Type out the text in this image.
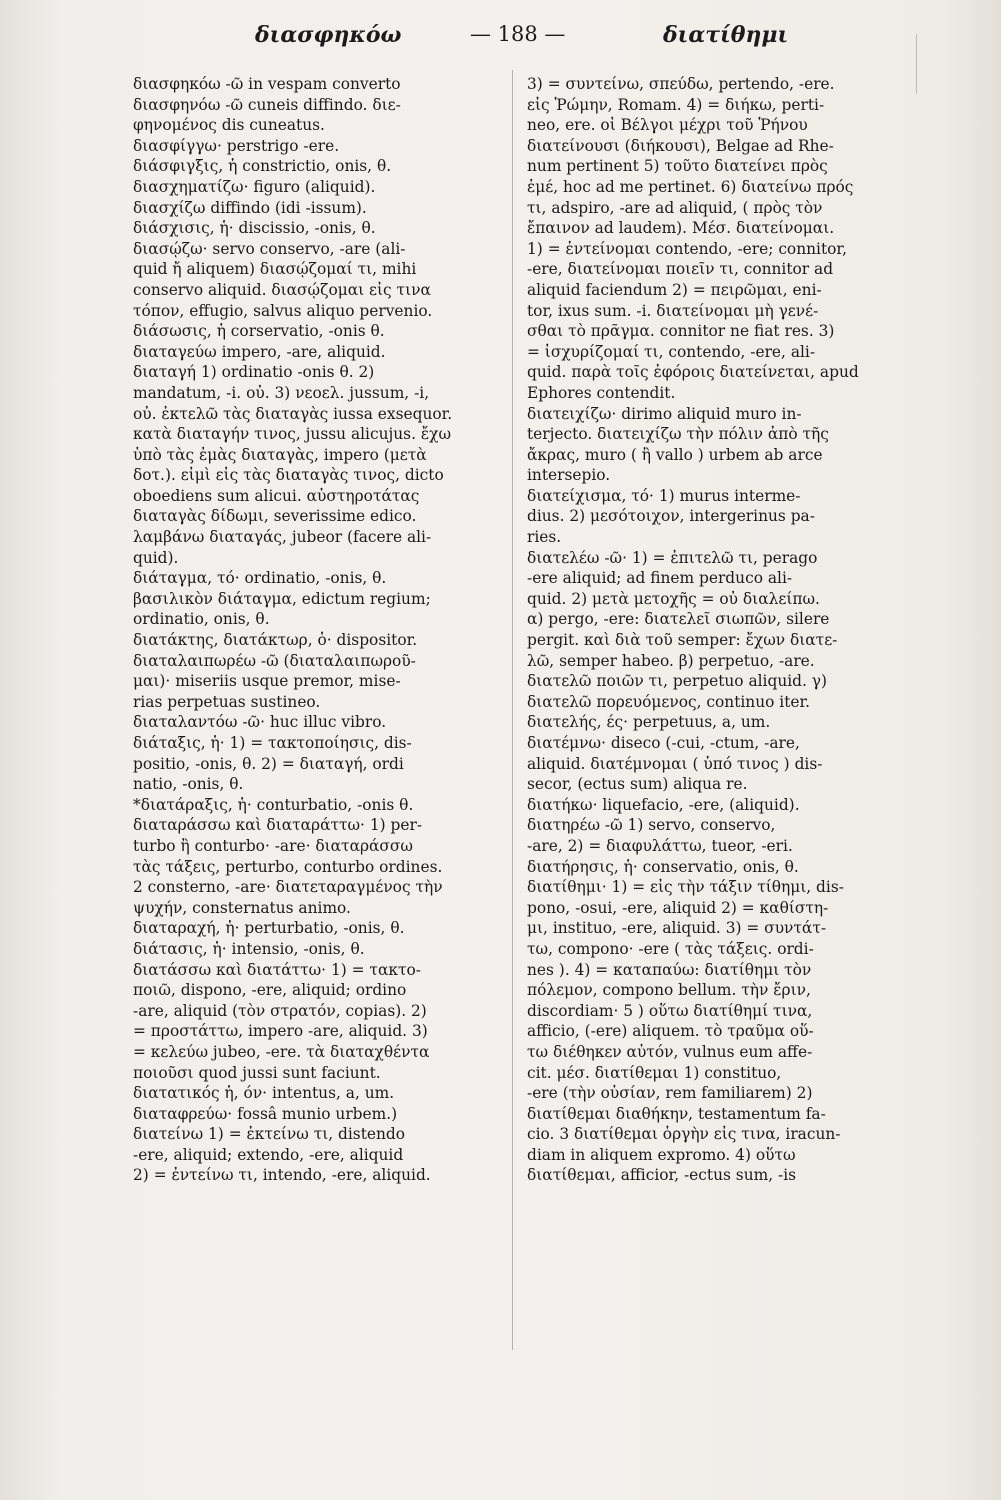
διασφηκόω	— 188 —	διατίθημι
διασφηκόω -ῶ in vespam converto
διασφηνόω -ῶ cuneis diffindo. διε-
φηνομένος dis cuneatus.
διασφίγγω· perstrigo -ere.
διάσφιγξις, ἡ constrictio, onis, θ.
διασχηματίζω· figuro (aliquid).
διασχίζω diffindo (idi -issum).
διάσχισις, ἡ· discissio, -onis, θ.
διασῴζω· servo conservo, -are (ali-
quid ἤ aliquem) διασῴζομαί τι, mihi
conservo aliquid. διασῴζομαι εἰς τινα
τόπον, effugio, salvus aliquo pervenio.
διάσωσις, ἡ corservatio, -onis θ.
διαταγεύω impero, -are, aliquid.
διαταγή 1) ordinatio -onis θ. 2)
mandatum, -i. οὐ. 3) νεοελ. jussum, -i,
οὐ. ἐκτελῶ τὰς διαταγὰς iussa exsequor.
κατὰ διαταγήν τινος, jussu alicujus. ἔχω
ὑπὸ τὰς ἐμὰς διαταγὰς, impero (μετὰ
δοτ.). εἰμὶ εἰς τὰς διαταγὰς τινος, dicto
oboediens sum alicui. αὐστηροτάτας
διαταγὰς δίδωμι, severissime edico.
λαμβάνω διαταγάς, jubeor (facere ali-
quid).
διάταγμα, τό· ordinatio, -onis, θ.
βασιλικὸν διάταγμα, edictum regium;
ordinatio, onis, θ.
διατάκτης, διατάκτωρ, ὁ· dispositor.
διαταλαιπωρέω -ῶ (διαταλαιπωροῦ-
μαι)· miseriis usque premor, mise-
rias perpetuas sustineo.
διαταλαντόω -ῶ· huc illuc vibro.
διάταξις, ἡ· 1) = τακτοποίησις, dis-
positio, -onis, θ. 2) = διαταγή, ordi
natio, -onis, θ.
*διατάραξις, ἡ· conturbatio, -onis θ.
διαταράσσω καὶ διαταράττω· 1) per-
turbo ἢ conturbo· -are· διαταράσσω
τὰς τάξεις, perturbo, conturbo ordines.
2 consterno, -are· διατεταραγμένος τὴν
ψυχήν, consternatus animo.
διαταραχή, ἡ· perturbatio, -onis, θ.
διάτασις, ἡ· intensio, -onis, θ.
διατάσσω καὶ διατάττω· 1) = τακτο-
ποιῶ, dispono, -ere, aliquid; ordino
-are, aliquid (τὸν στρατόν, copias). 2)
= προστάττω, impero -are, aliquid. 3)
= κελεύω jubeo, -ere. τὰ διαταχθέντα
ποιοῦσι quod jussi sunt faciunt.
διατατικός ἡ, όν· intentus, a, um.
διαταφρεύω· fossâ munio urbem.)
διατείνω 1) = ἐκτείνω τι, distendo
-ere, aliquid; extendo, -ere, aliquid
2) = ἐντείνω τι, intendo, -ere, aliquid.
3) = συντείνω, σπεύδω, pertendo, -ere.
εἰς Ῥώμην, Romam. 4) = διήκω, perti-
neo, ere. οἱ Βέλγοι μέχρι τοῦ Ῥήνου
διατείνουσι (διήκουσι), Belgae ad Rhe-
num pertinent 5) τοῦτο διατείνει πρὸς
ἐμέ, hoc ad me pertinet. 6) διατείνω πρός
τι, adspiro, -are ad aliquid, ( πρὸς τὸν
ἔπαινον ad laudem). Μέσ. διατείνομαι.
1) = ἐντείνομαι contendo, -ere; connitor,
-ere, διατείνομαι ποιεῖν τι, connitor ad
aliquid faciendum 2) = πειρῶμαι, eni-
tor, ixus sum. -i. διατείνομαι μὴ γενέ-
σθαι τὸ πρᾶγμα. connitor ne fiat res. 3)
= ἰσχυρίζομαί τι, contendo, -ere, ali-
quid. παρὰ τοῖς ἐφόροις διατείνεται, apud
Ephores contendit.
διατειχίζω· dirimo aliquid muro in-
terjecto. διατειχίζω τὴν πόλιν ἀπὸ τῆς
ἄκρας, muro ( ἢ vallo ) urbem ab arce
intersepio.
διατείχισμα, τό· 1) murus interme-
dius. 2) μεσότοιχον, intergerinus pa-
ries.
διατελέω -ῶ· 1) = ἐπιτελῶ τι, perago
-ere aliquid; ad finem perduco ali-
quid. 2) μετὰ μετοχῆς = οὐ διαλείπω.
α) pergo, -ere: διατελεῖ σιωπῶν, silere
pergit. καὶ διὰ τοῦ semper: ἔχων διατε-
λῶ, semper habeo. β) perpetuo, -are.
διατελῶ ποιῶν τι, perpetuo aliquid. γ)
διατελῶ πορευόμενος, continuo iter.
διατελής, ές· perpetuus, a, um.
διατέμνω· diseco (-cui, -ctum, -are,
aliquid. διατέμνομαι ( ὑπό τινος ) dis-
secor, (ectus sum) aliqua re.
διατήκω· liquefacio, -ere, (aliquid).
διατηρέω -ῶ 1) servo, conservo,
-are, 2) = διαφυλάττω, tueor, -eri.
διατήρησις, ἡ· conservatio, onis, θ.
διατίθημι· 1) = εἰς τὴν τάξιν τίθημι, dis-
pono, -osui, -ere, aliquid 2) = καθίστη-
μι, instituo, -ere, aliquid. 3) = συντάτ-
τω, compono· -ere ( τὰς τάξεις. ordi-
nes ). 4) = καταπαύω: διατίθημι τὸν
πόλεμον, compono bellum. τὴν ἔριν,
discordiam· 5 ) οὕτω διατίθημί τινα,
afficio, (-ere) aliquem. τὸ τραῦμα οὕ-
τω διέθηκεν αὐτόν, vulnus eum affe-
cit. μέσ. διατίθεμαι 1) constituo,
-ere (τὴν οὐσίαν, rem familiarem) 2)
διατίθεμαι διαθήκην, testamentum fa-
cio. 3 διατίθεμαι ὀργὴν εἰς τινα, iracun-
diam in aliquem expromo. 4) οὕτω
διατίθεμαι, afficior, -ectus sum, -is
